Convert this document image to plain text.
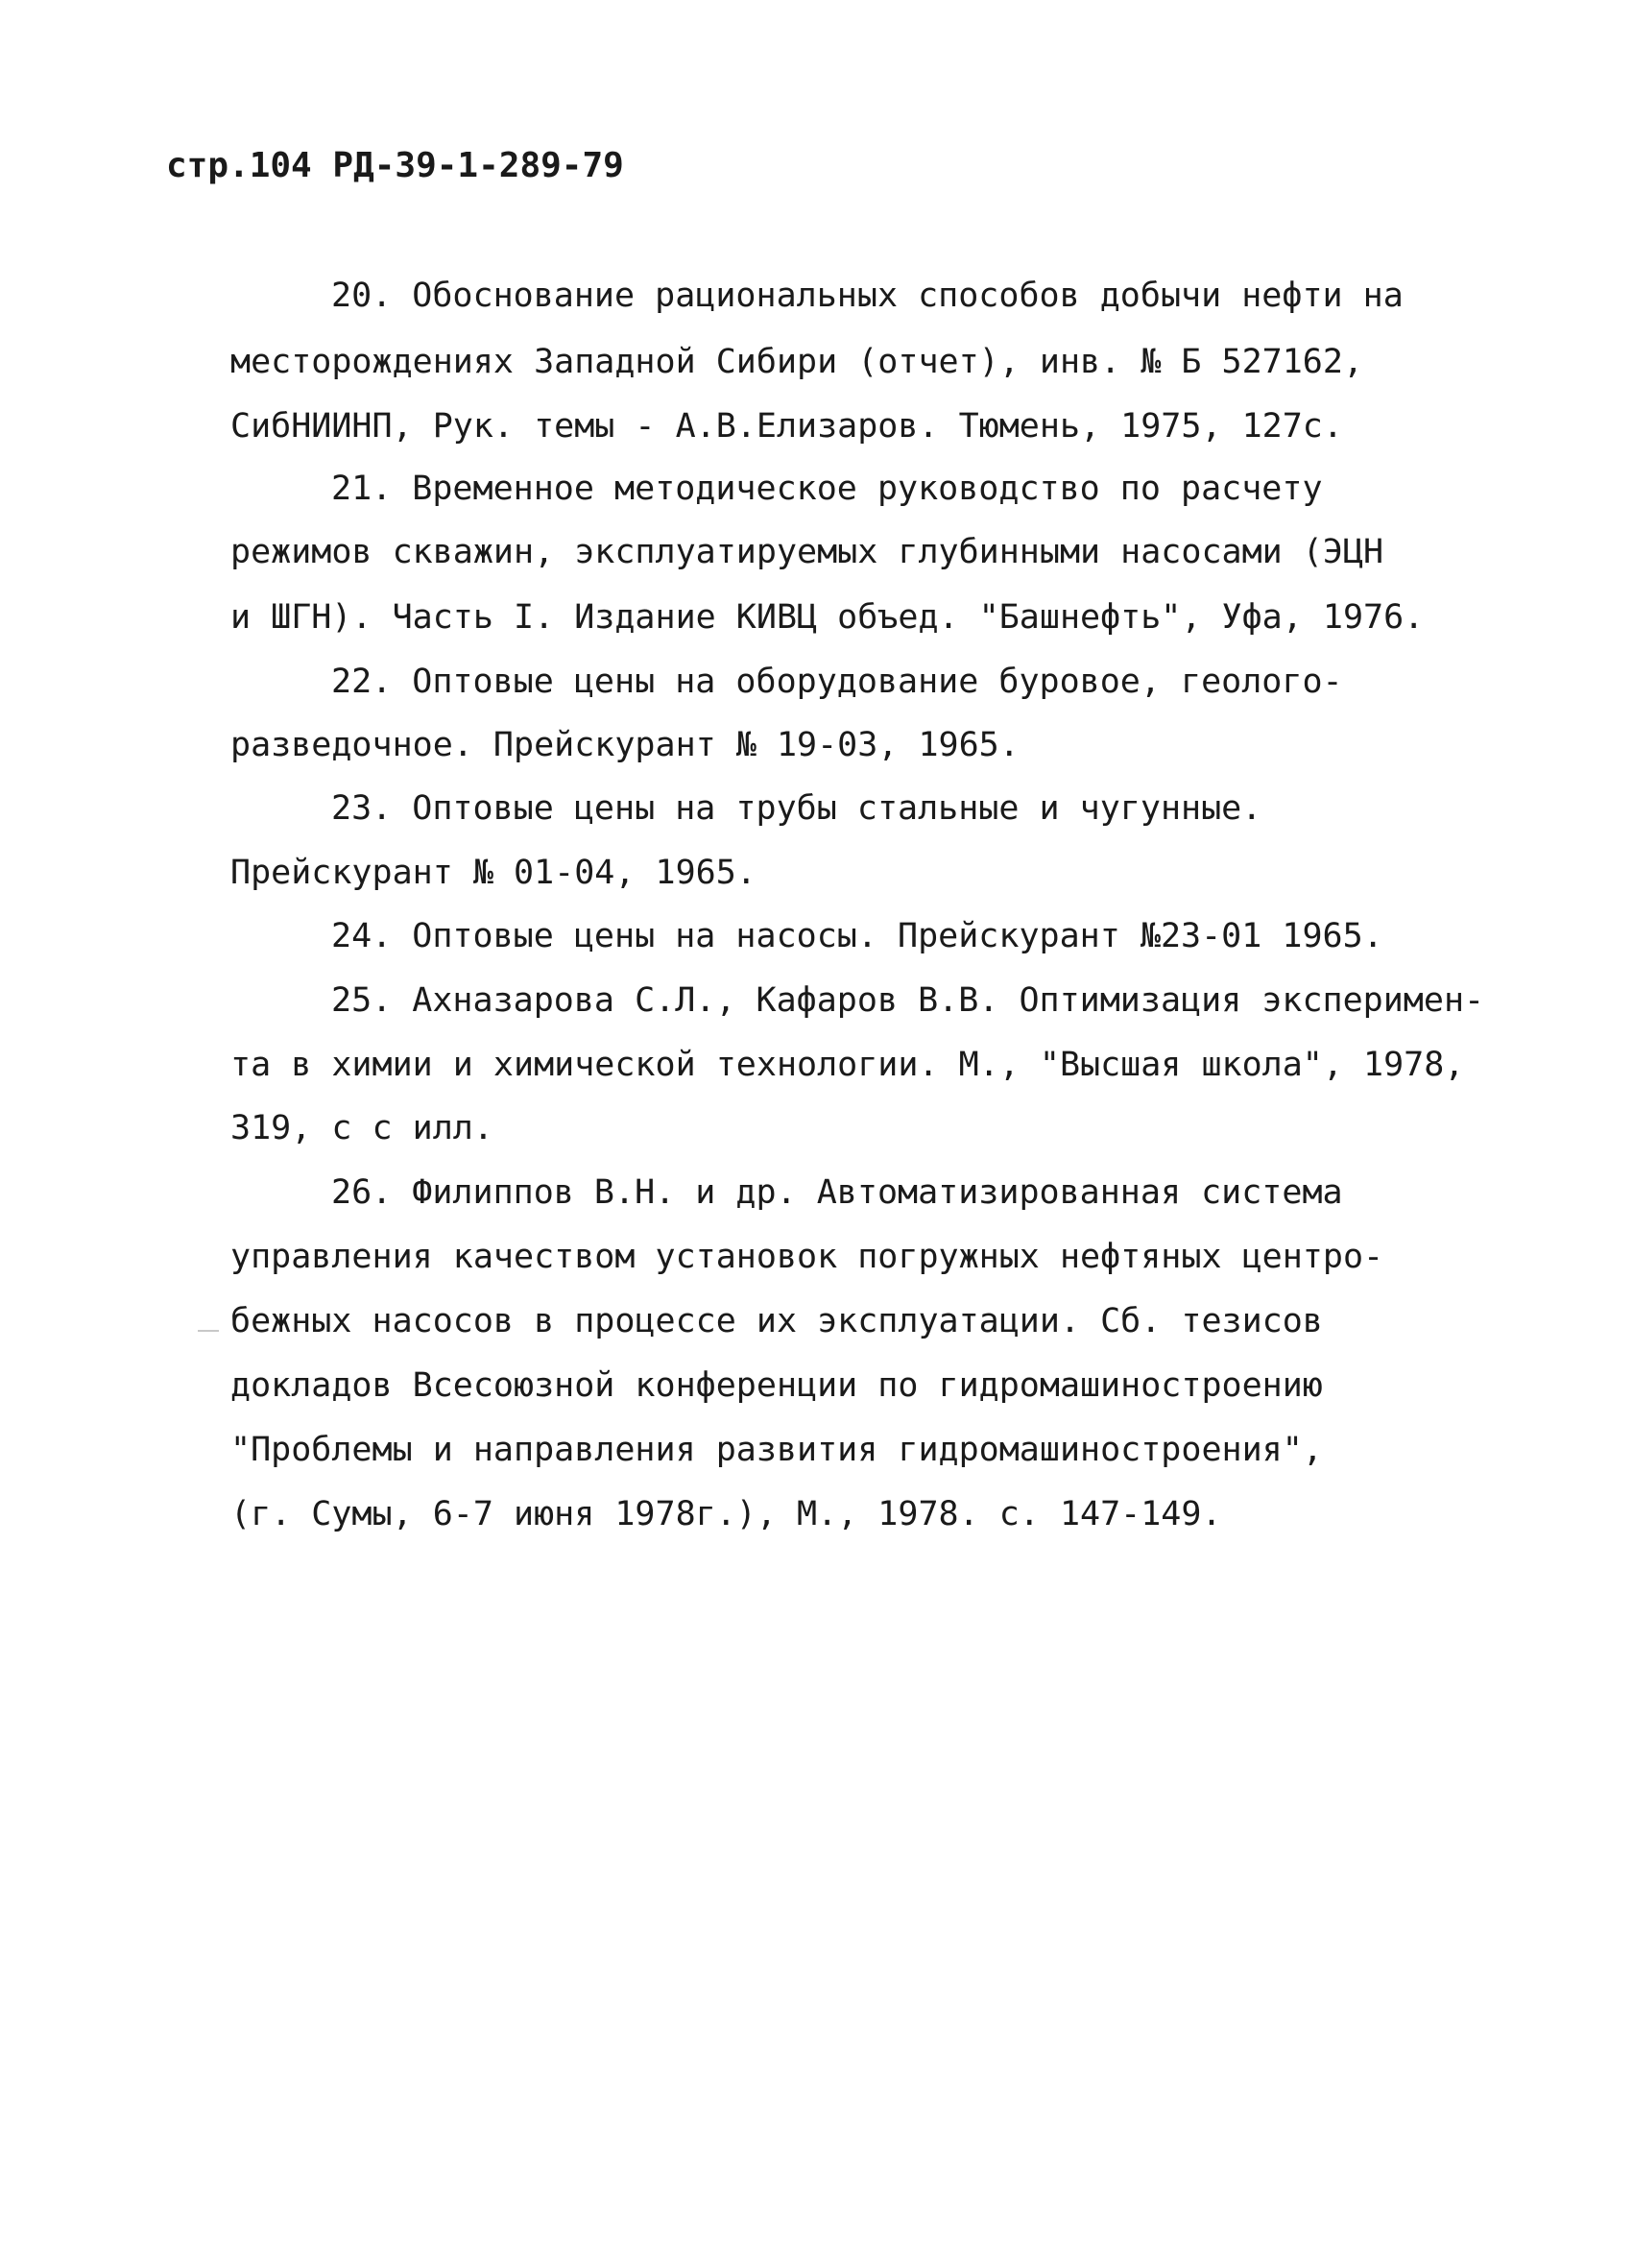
стр.104 РД-39-1-289-79
20. Обоснование рациональных способов добычи нефти на
месторождениях Западной Сибири (отчет), инв. № Б 527162,
СибНИИНП, Рук. темы - А.В.Елизаров. Тюмень, 1975, 127с.
21. Временное методическое руководство по расчету
режимов скважин, эксплуатируемых глубинными насосами (ЭЦН
и ШГН). Часть I. Издание КИВЦ объед. "Башнефть", Уфа, 1976.
22. Оптовые цены на оборудование буровое, геолого-
разведочное. Прейскурант № 19-03, 1965.
23. Оптовые цены на трубы стальные и чугунные.
Прейскурант № 01-04, 1965.
24. Оптовые цены на насосы. Прейскурант №23-01 1965.
25. Ахназарова С.Л., Кафаров В.В. Оптимизация эксперимен-
та в химии и химической технологии. М., "Высшая школа", 1978,
319, с с илл.
26. Филиппов В.Н. и др. Автоматизированная система
управления качеством установок погружных нефтяных центро-
бежных насосов в процессе их эксплуатации. Сб. тезисов
докладов Всесоюзной конференции по гидромашиностроению
"Проблемы и направления развития гидромашиностроения",
(г. Сумы, 6-7 июня 1978г.), М., 1978. с. 147-149.
